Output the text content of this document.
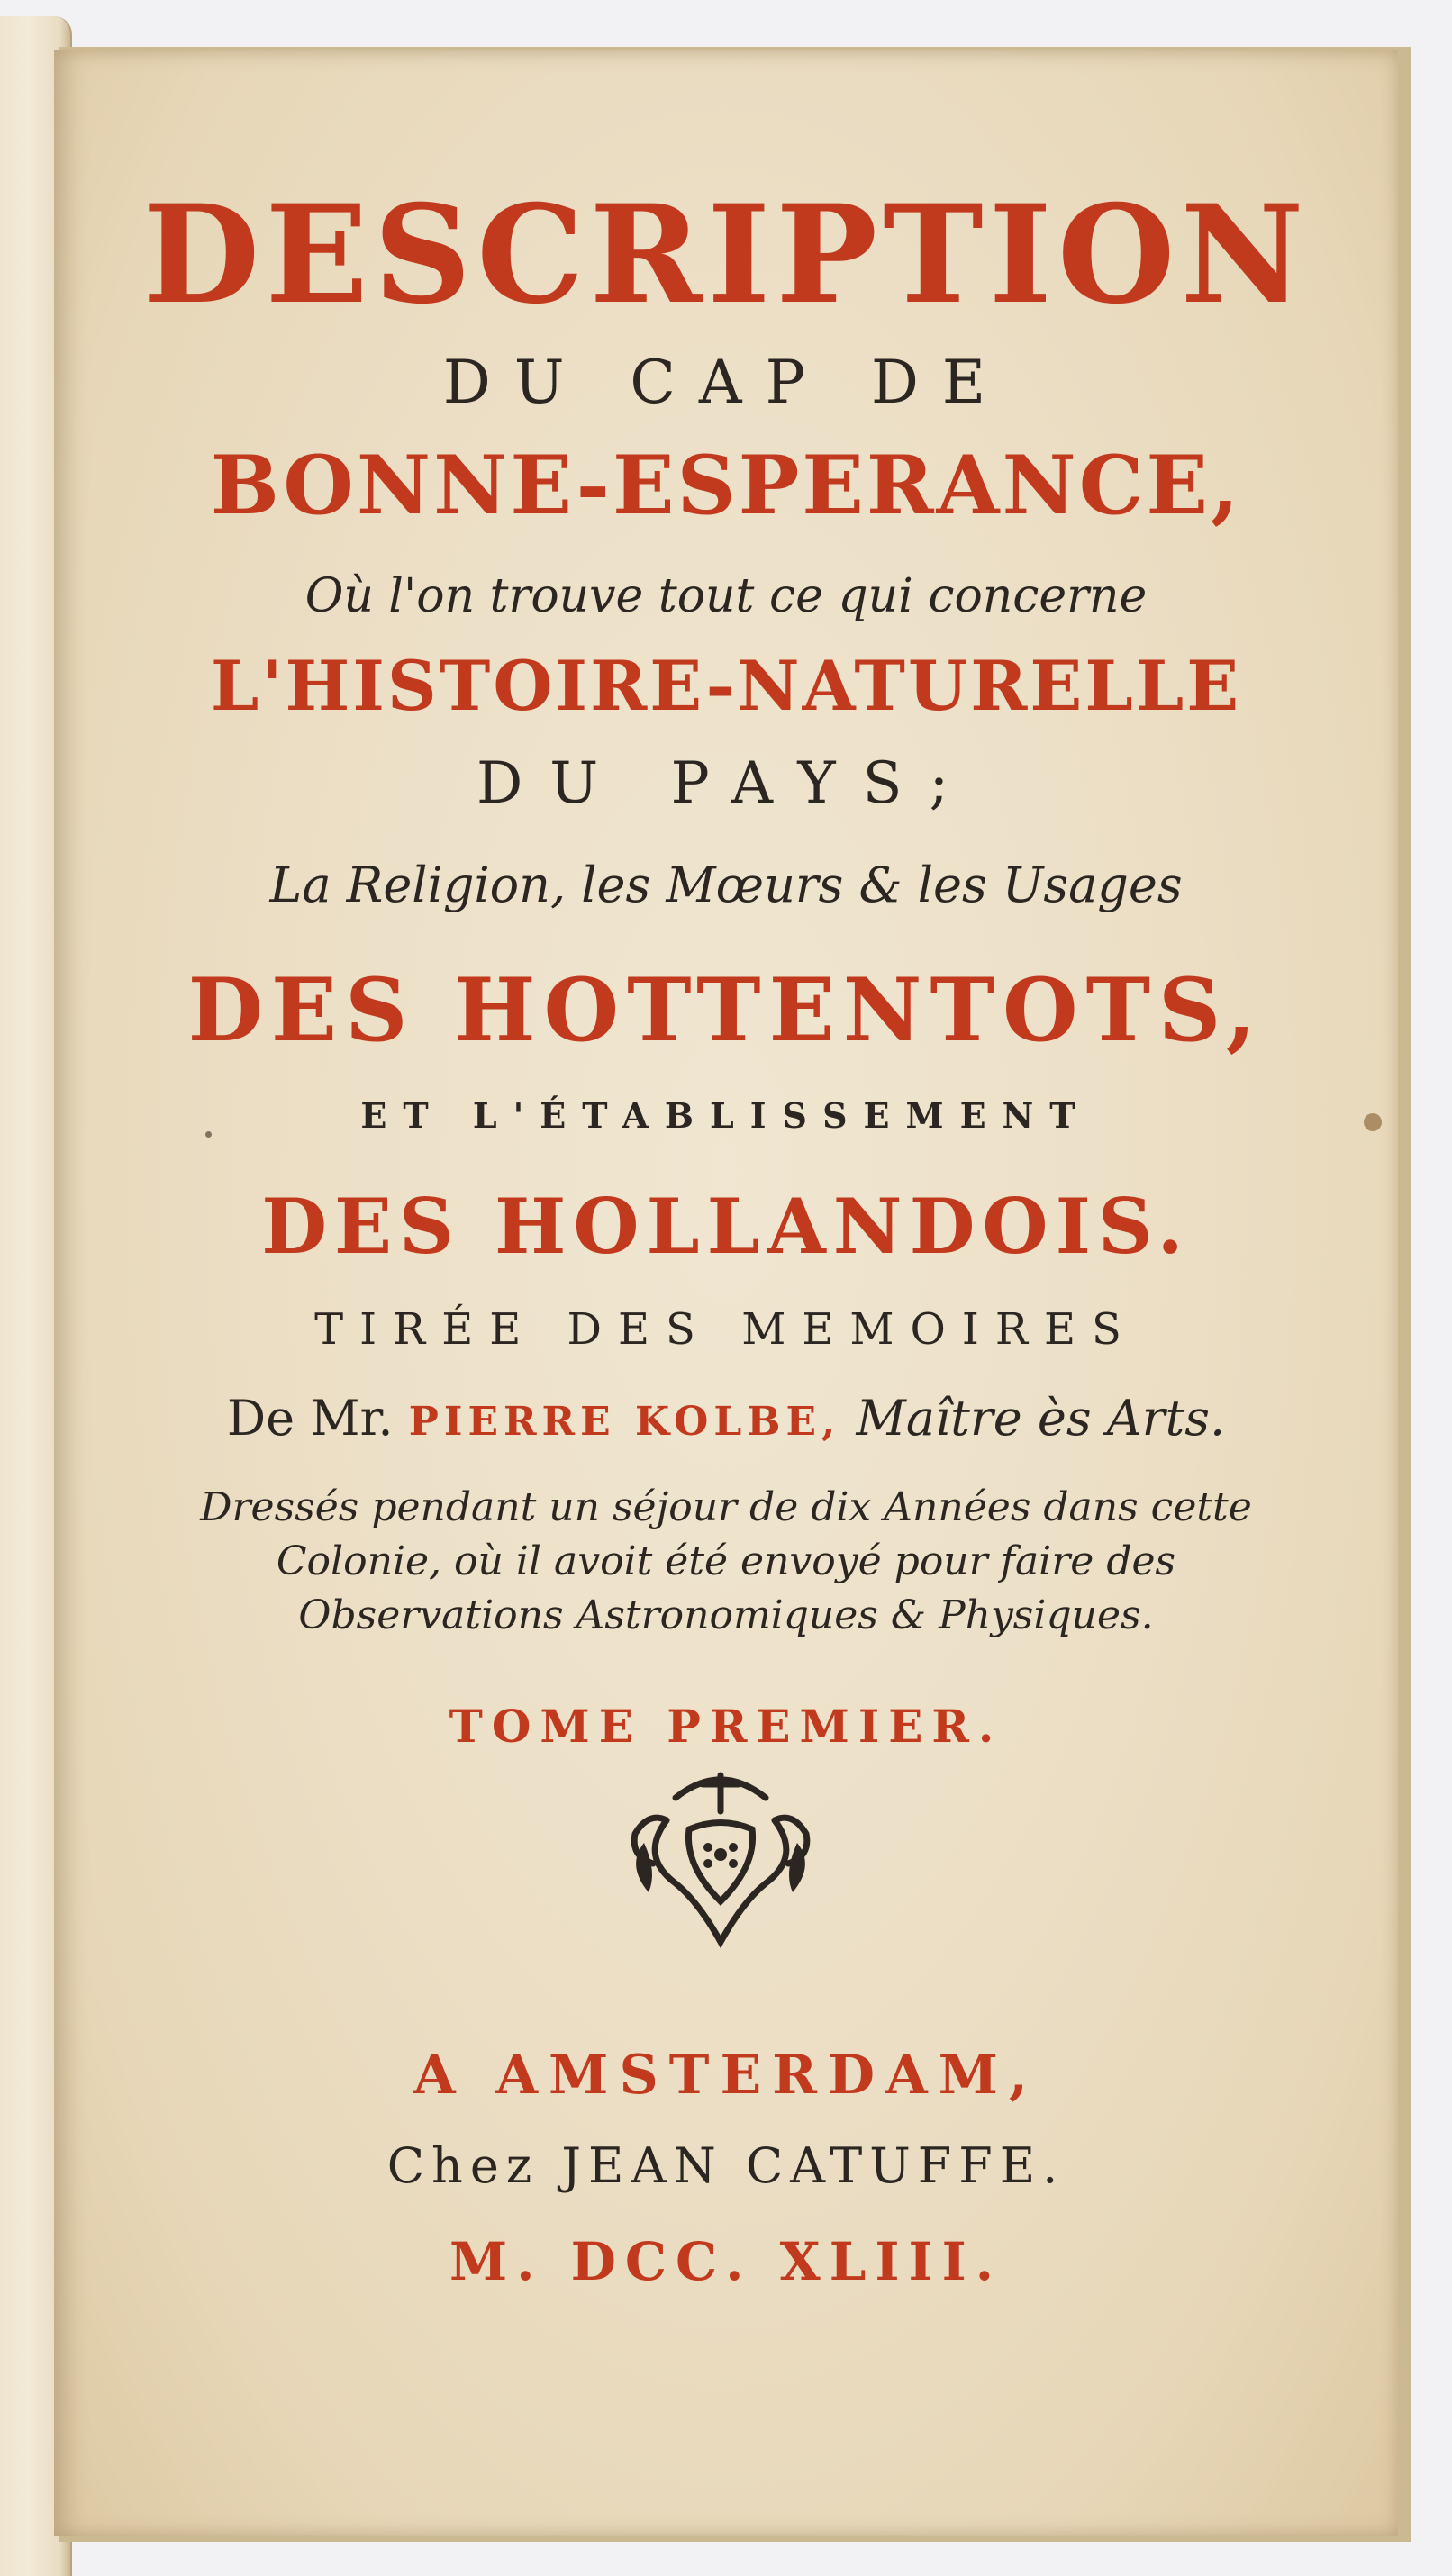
DESCRIPTION
DU CAP DE
BONNE-ESPERANCE,
Où l'on trouve tout ce qui concerne
L'HISTOIRE-NATURELLE
DU PAYS;
La Religion, les Mœurs & les Usages
DES HOTTENTOTS,
ET L'ÉTABLISSEMENT
DES HOLLANDOIS.
TIRÉE DES MEMOIRES
De Mr. PIERRE KOLBE, Maître ès Arts.
Dressés pendant un séjour de dix Années dans cette
Colonie, où il avoit été envoyé pour faire des
Observations Astronomiques & Physiques.
TOME PREMIER.
A AMSTERDAM,
Chez JEAN CATUFFE.
M. DCC. XLIII.
